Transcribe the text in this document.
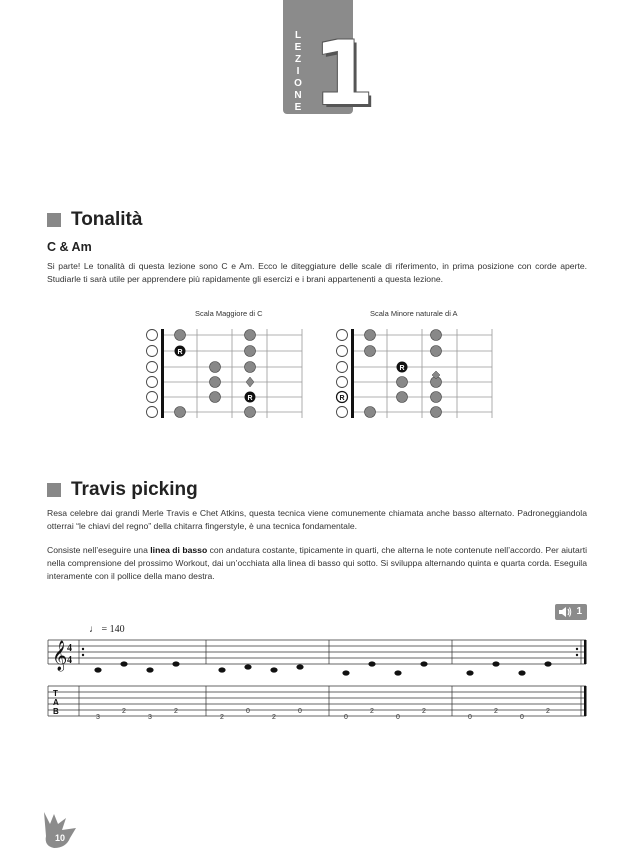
L
E
Z
I
O
N
E 1
Tonalità
C & Am
Si parte! Le tonalità di questa lezione sono C e Am. Ecco le diteggiature delle scale di riferimento, in prima posizione con corde aperte. Studiarle ti sarà utile per apprendere più rapidamente gli esercizi e i brani appartenenti a questa lezione.
Scala Maggiore di C	Scala Minore naturale di A
R
R
R
R
Travis picking
Resa celebre dai grandi Merle Travis e Chet Atkins, questa tecnica viene comunemente chiamata anche basso alternato. Padroneggiandola otterrai “le chiavi del regno” della chitarra fingerstyle, è una tecnica fondamentale.
Consiste nell’eseguire una linea di basso con andatura costante, tipicamente in quarti, che alterna le note contenute nell’accordo. Per aiutarti nella comprensione del prossimo Workout, dai un’occhiata alla linea di basso qui sotto. Si sviluppa alternando quinta e quarta corda. Eseguila interamente con il pollice della mano destra.
1
♩ = 140
𝄞 4
4
T
A
B
3
2
3
2
2
0
2
0
0
2
0
2
0
2
0
2
10
